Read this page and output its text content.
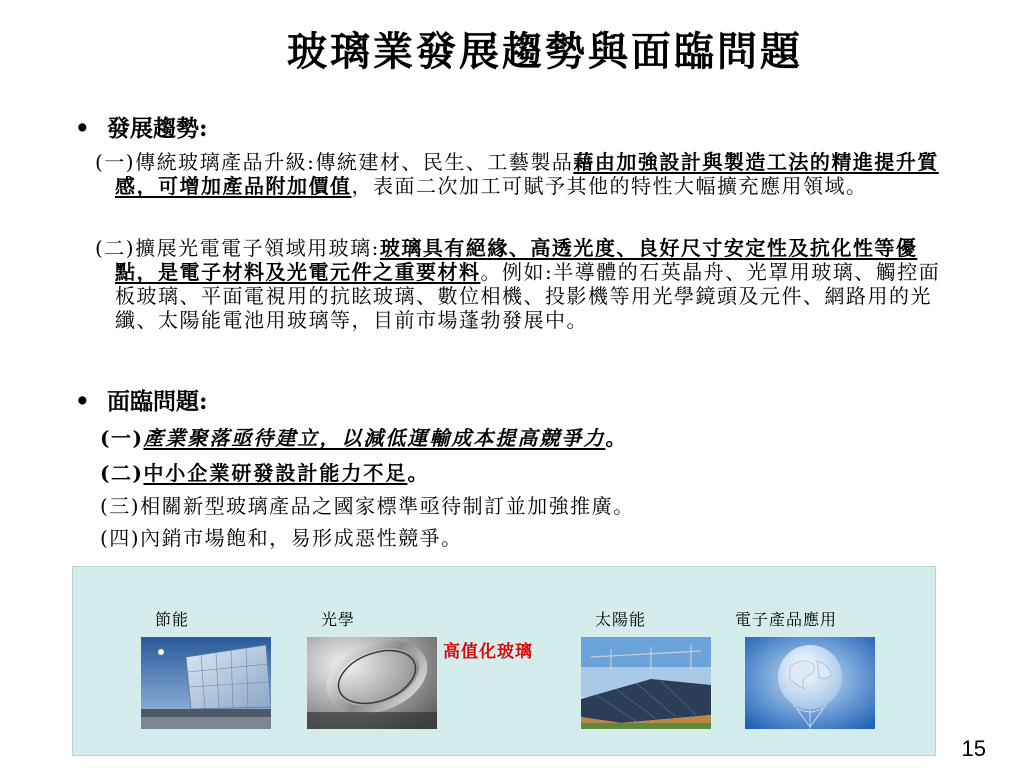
玻璃業發展趨勢與面臨問題
• 發展趨勢:
(一)傳統玻璃產品升級:傳統建材、民生、工藝製品藉由加強設計與製造工法的精進提升質感，可增加產品附加價值，表面二次加工可賦予其他的特性大幅擴充應用領域。
(二)擴展光電電子領域用玻璃:玻璃具有絕緣、高透光度、良好尺寸安定性及抗化性等優點，是電子材料及光電元件之重要材料。例如:半導體的石英晶舟、光罩用玻璃、觸控面板玻璃、平面電視用的抗眩玻璃、數位相機、投影機等用光學鏡頭及元件、網路用的光纖、太陽能電池用玻璃等，目前市場蓬勃發展中。
• 面臨問題:
(一)產業聚落亟待建立，以減低運輸成本提高競爭力。
(二)中小企業研發設計能力不足。
(三)相關新型玻璃產品之國家標準亟待制訂並加強推廣。
(四)內銷市場飽和，易形成惡性競爭。
節能	光學	太陽能	電子產品應用
高值化玻璃
15
